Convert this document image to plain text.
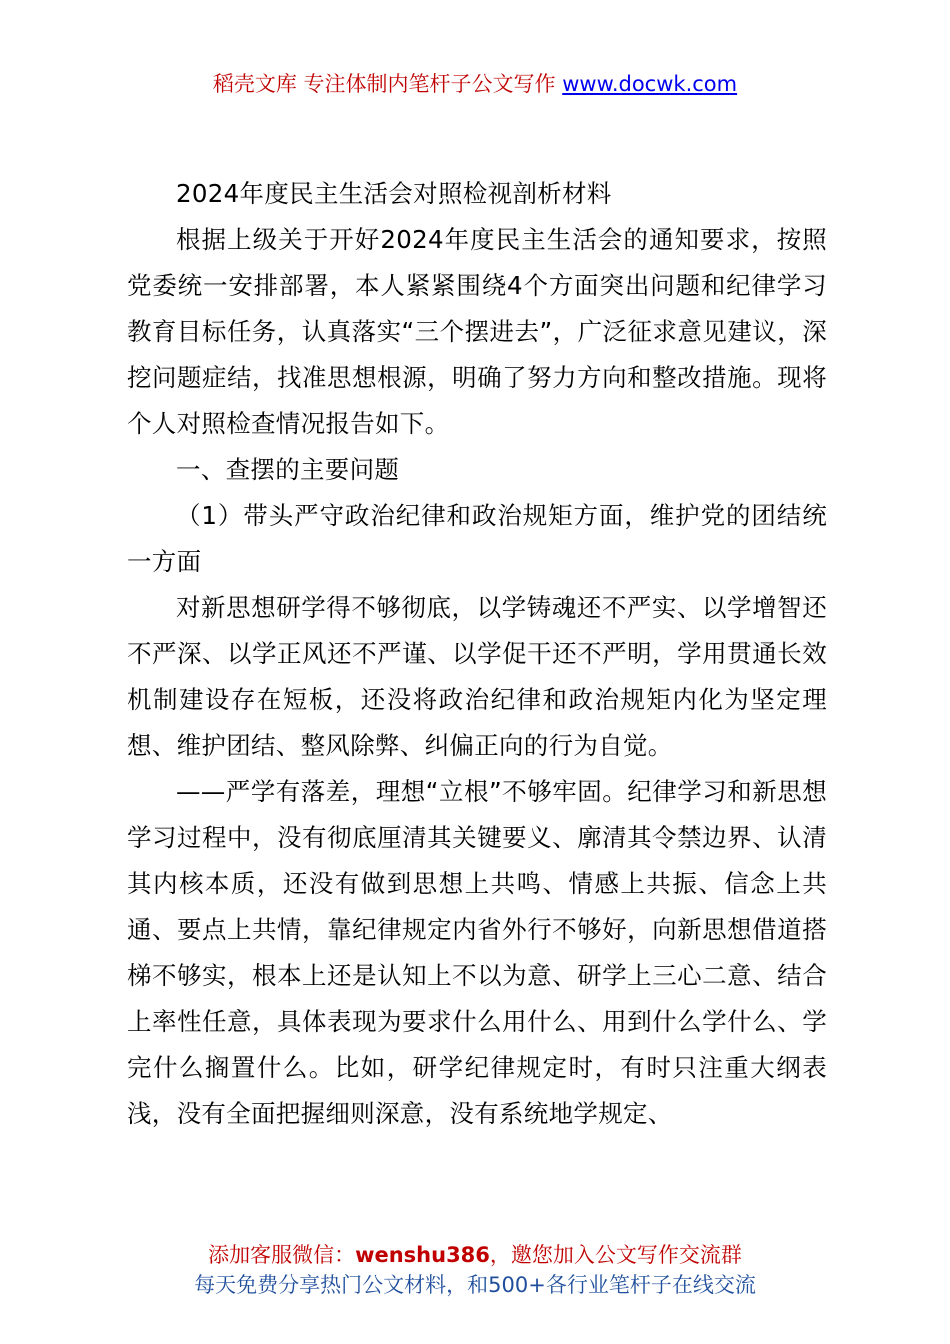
稻壳文库 专注体制内笔杆子公文写作 www.docwk.com

2024年度民主生活会对照检视剖析材料

根据上级关于开好2024年度民主生活会的通知要求，按照党委统一安排部署，本人紧紧围绕4个方面突出问题和纪律学习教育目标任务，认真落实“三个摆进去”，广泛征求意见建议，深挖问题症结，找准思想根源，明确了努力方向和整改措施。现将个人对照检查情况报告如下。

一、查摆的主要问题

（1）带头严守政治纪律和政治规矩方面，维护党的团结统一方面

对新思想研学得不够彻底，以学铸魂还不严实、以学增智还不严深、以学正风还不严谨、以学促干还不严明，学用贯通长效机制建设存在短板，还没将政治纪律和政治规矩内化为坚定理想、维护团结、整风除弊、纠偏正向的行为自觉。

——严学有落差，理想“立根”不够牢固。纪律学习和新思想学习过程中，没有彻底厘清其关键要义、廓清其令禁边界、认清其内核本质，还没有做到思想上共鸣、情感上共振、信念上共通、要点上共情，靠纪律规定内省外行不够好，向新思想借道搭梯不够实，根本上还是认知上不以为意、研学上三心二意、结合上率性任意，具体表现为要求什么用什么、用到什么学什么、学完什么搁置什么。比如，研学纪律规定时，有时只注重大纲表浅，没有全面把握细则深意，没有系统地学规定、

添加客服微信：wenshu386，邀您加入公文写作交流群
每天免费分享热门公文材料，和500+各行业笔杆子在线交流
